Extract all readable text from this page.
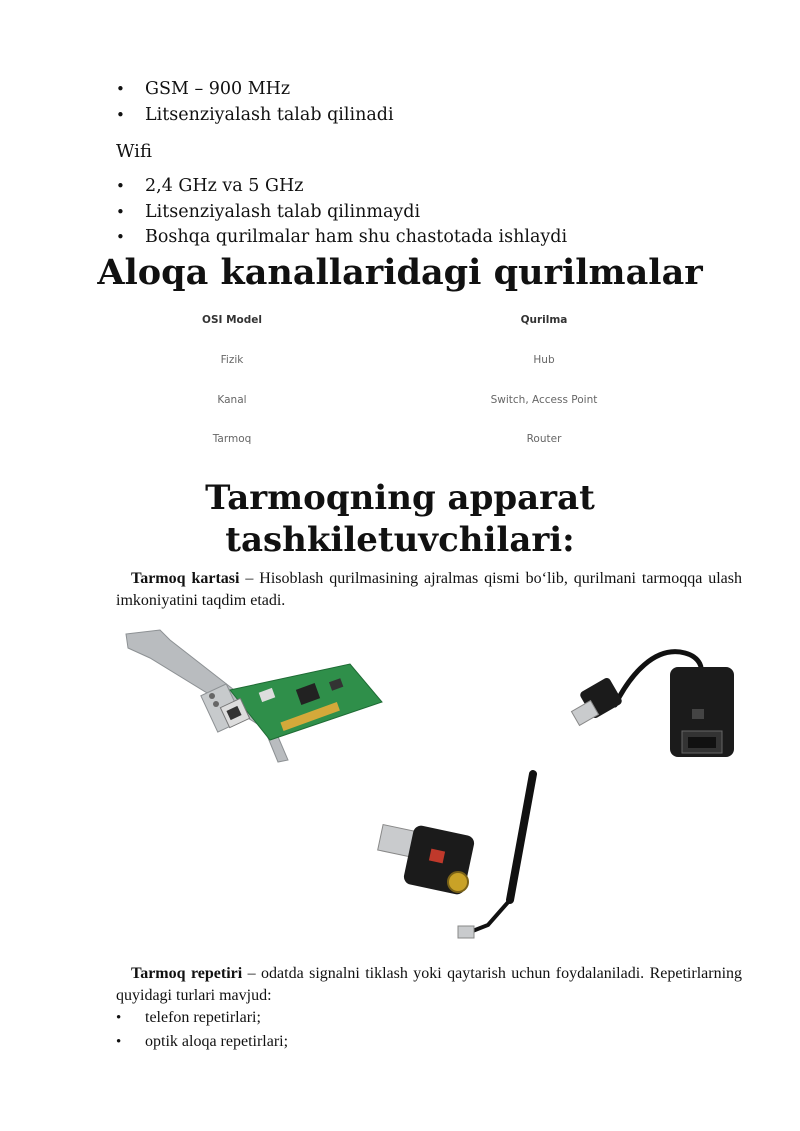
• GSM – 900 MHz
• Litsenziyalash talab qilinadi
Wifi
• 2,4 GHz va 5 GHz
• Litsenziyalash talab qilinmaydi
• Boshqa qurilmalar ham shu chastotada ishlaydi
Aloqa kanallaridagi qurilmalar
OSI Model	Qurilma
Fizik	Hub
Kanal	Switch, Access Point
Tarmoq	Router
Tarmoqning apparat
tashkiletuvchilari:
Tarmoq kartasi – Hisoblash qurilmasining ajralmas qismi bo‘lib, qurilmani tarmoqqa ulash imkoniyatini taqdim etadi.
Tarmoq repetiri – odatda signalni tiklash yoki qaytarish uchun foydalaniladi. Repetirlarning quyidagi turlari mavjud:
• telefon repetirlari;
• optik aloqa repetirlari;
